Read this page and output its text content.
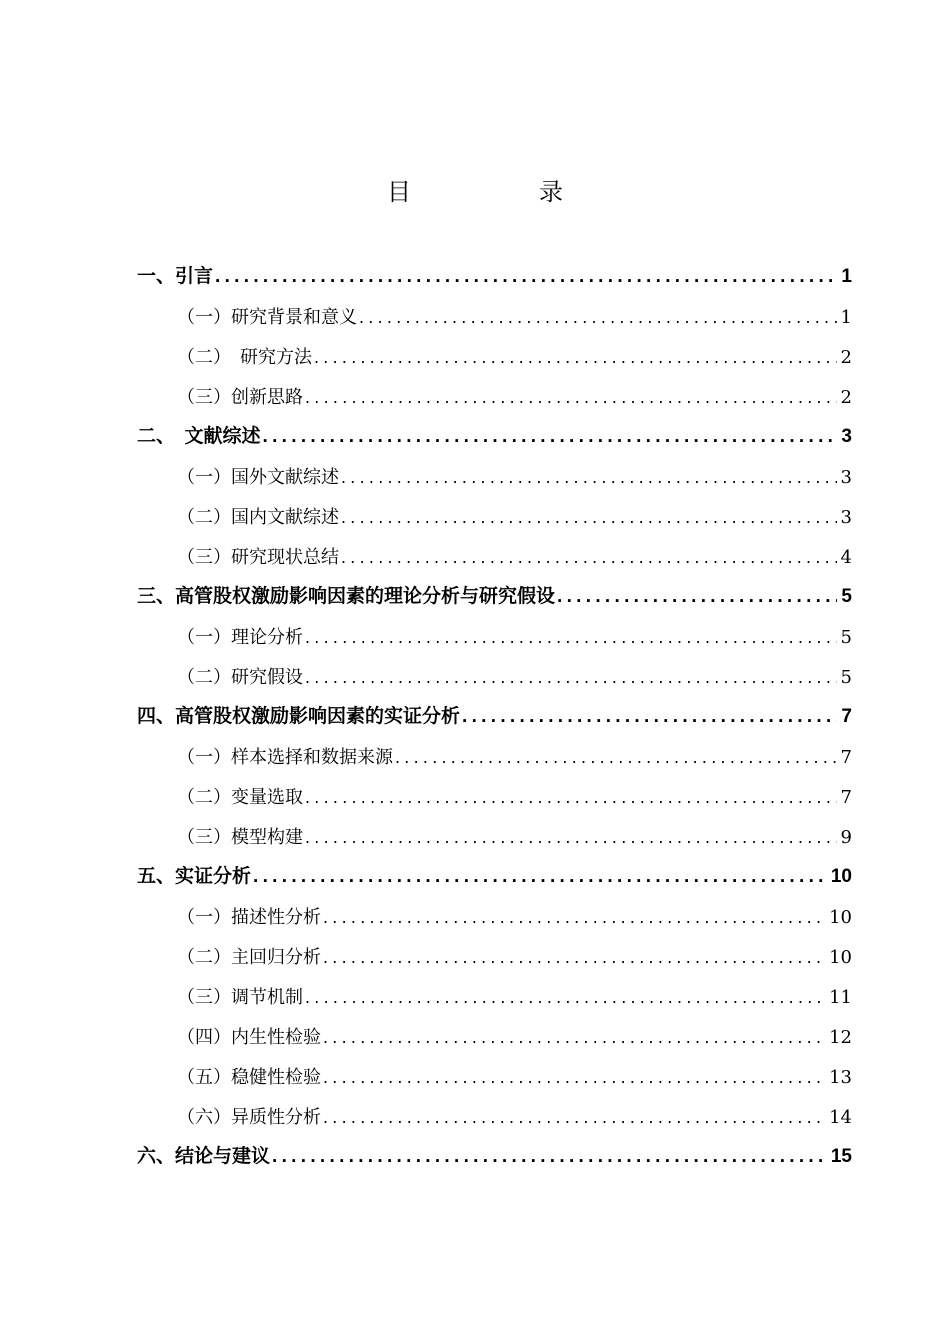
目　录
一、引言 .....	1
（一）研究背景和意义 .....	1
（二）　研究方法 .....	2
（三）创新思路 .....	2
二、　文献综述 .....	3
（一）国外文献综述 .....	3
（二）国内文献综述 .....	3
（三）研究现状总结 .....	4
三、高管股权激励影响因素的理论分析与研究假设 .....	5
（一）理论分析 .....	5
（二）研究假设 .....	5
四、高管股权激励影响因素的实证分析 .....	7
（一）样本选择和数据来源 .....	7
（二）变量选取 .....	7
（三）模型构建 .....	9
五、实证分析 .....	10
（一）描述性分析 .....	10
（二）主回归分析 .....	10
（三）调节机制 .....	11
（四）内生性检验 .....	12
（五）稳健性检验 .....	13
（六）异质性分析 .....	14
六、结论与建议 .....	15
